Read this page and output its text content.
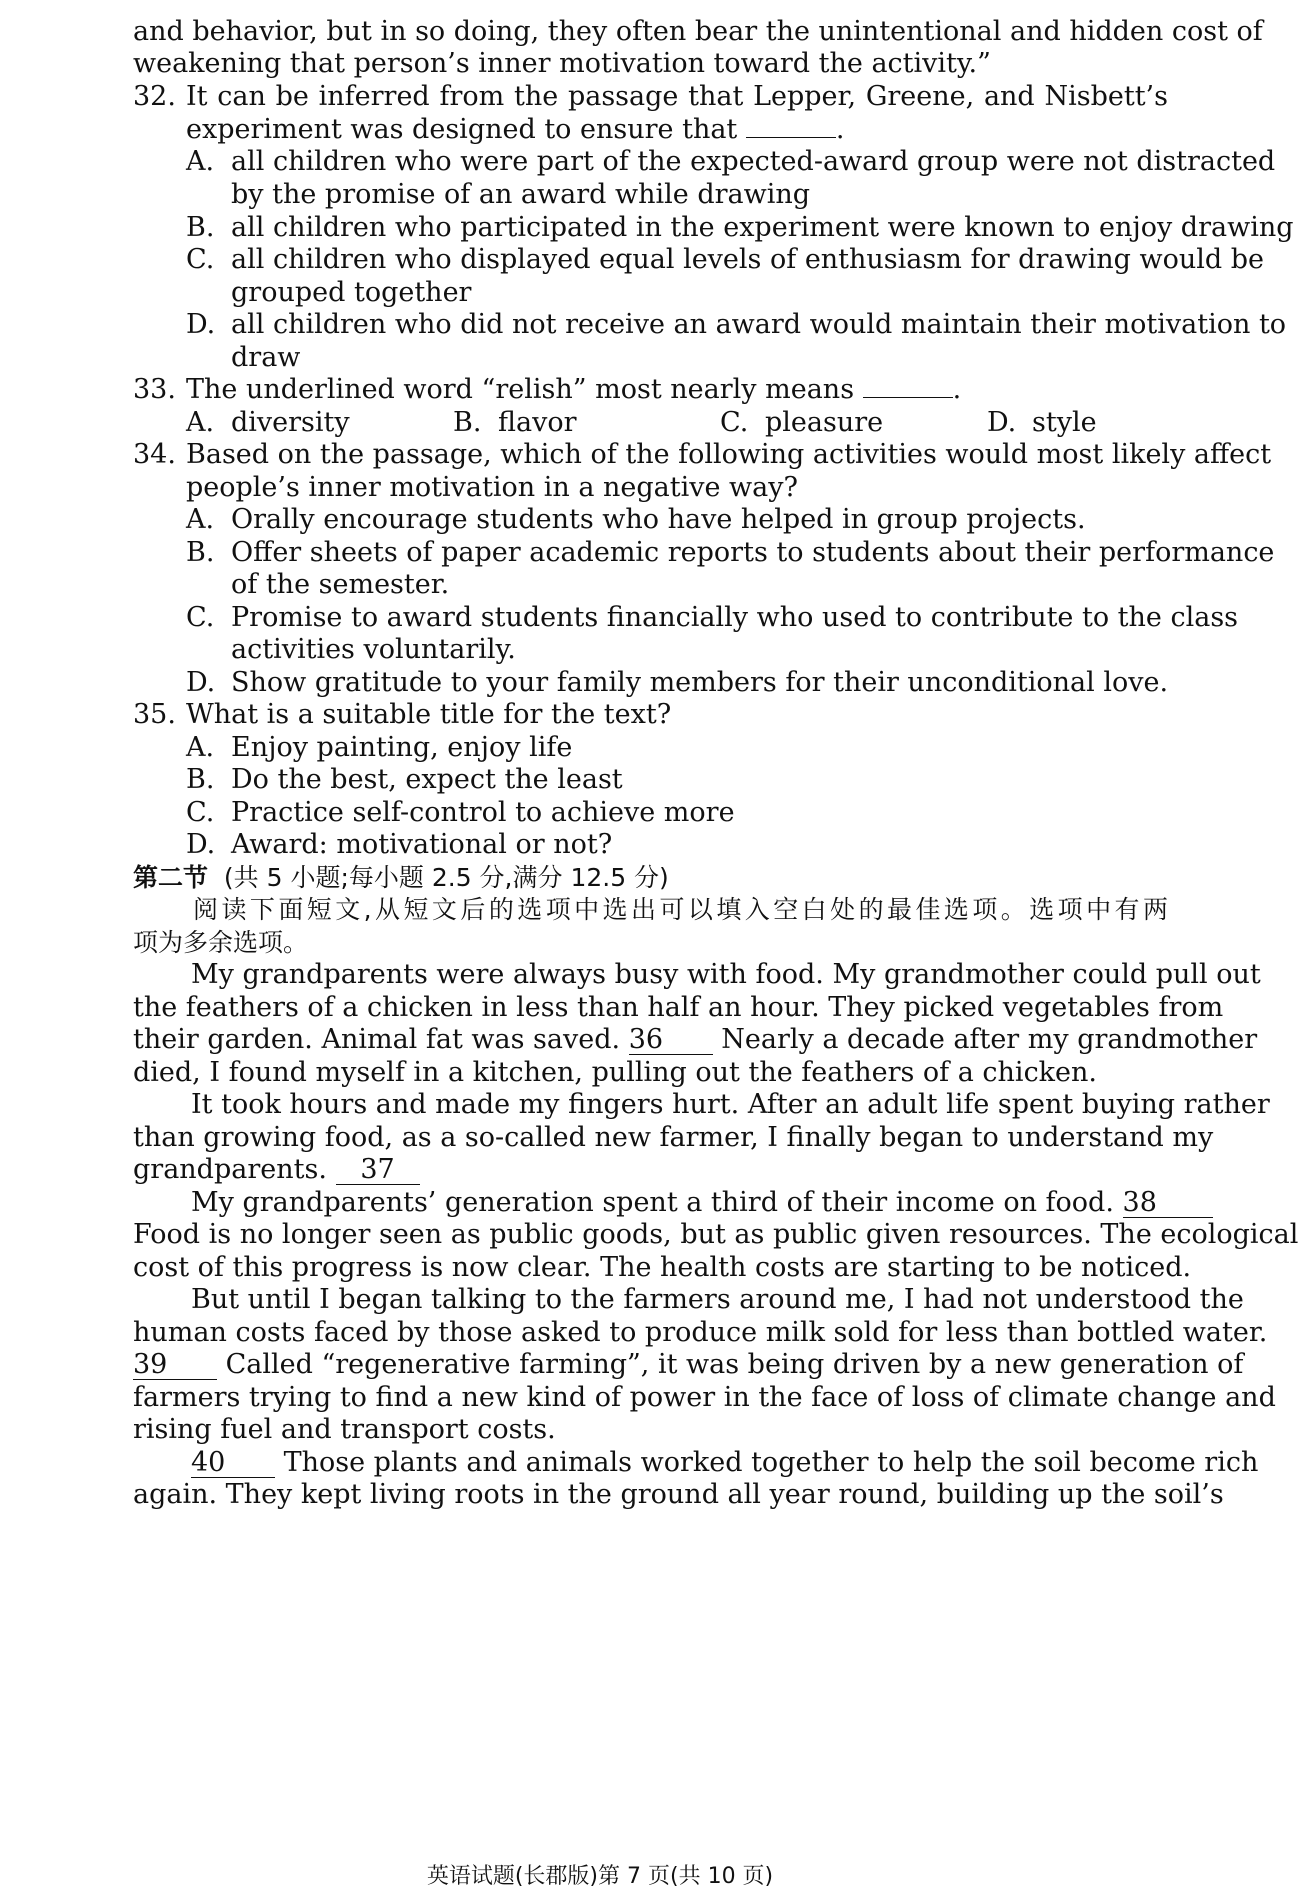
and behavior, but in so doing, they often bear the unintentional and hidden cost of
weakening that person’s inner motivation toward the activity.”
32. It can be inferred from the passage that Lepper, Greene, and Nisbett’s
experiment was designed to ensure that	.
A. all children who were part of the expected-award group were not distracted
by the promise of an award while drawing
B. all children who participated in the experiment were known to enjoy drawing
C. all children who displayed equal levels of enthusiasm for drawing would be
grouped together
D. all children who did not receive an award would maintain their motivation to
draw
33. The underlined word “relish” most nearly means	.
A. diversity	B. flavor	C. pleasure	D. style
34. Based on the passage, which of the following activities would most likely affect
people’s inner motivation in a negative way?
A. Orally encourage students who have helped in group projects.
B. Offer sheets of paper academic reports to students about their performance
of the semester.
C. Promise to award students financially who used to contribute to the class
activities voluntarily.
D. Show gratitude to your family members for their unconditional love.
35. What is a suitable title for the text?
A. Enjoy painting, enjoy life
B. Do the best, expect the least
C. Practice self-control to achieve more
D. Award: motivational or not?
第二节 (共 5 小题;每小题 2.5 分,满分 12.5 分)
阅读下面短文,从短文后的选项中选出可以填入空白处的最佳选项。选项中有两
项为多余选项。
My grandparents were always busy with food. My grandmother could pull out
the feathers of a chicken in less than half an hour. They picked vegetables from
their garden. Animal fat was saved. 36 Nearly a decade after my grandmother
died, I found myself in a kitchen, pulling out the feathers of a chicken.
It took hours and made my fingers hurt. After an adult life spent buying rather
than growing food, as a so-called new farmer, I finally began to understand my
grandparents. 37
My grandparents’ generation spent a third of their income on food. 38
Food is no longer seen as public goods, but as public given resources. The ecological
cost of this progress is now clear. The health costs are starting to be noticed.
But until I began talking to the farmers around me, I had not understood the
human costs faced by those asked to produce milk sold for less than bottled water.
39 Called “regenerative farming”, it was being driven by a new generation of
farmers trying to find a new kind of power in the face of loss of climate change and
rising fuel and transport costs.
40 Those plants and animals worked together to help the soil become rich
again. They kept living roots in the ground all year round, building up the soil’s
英语试题(长郡版)第 7 页(共 10 页)
